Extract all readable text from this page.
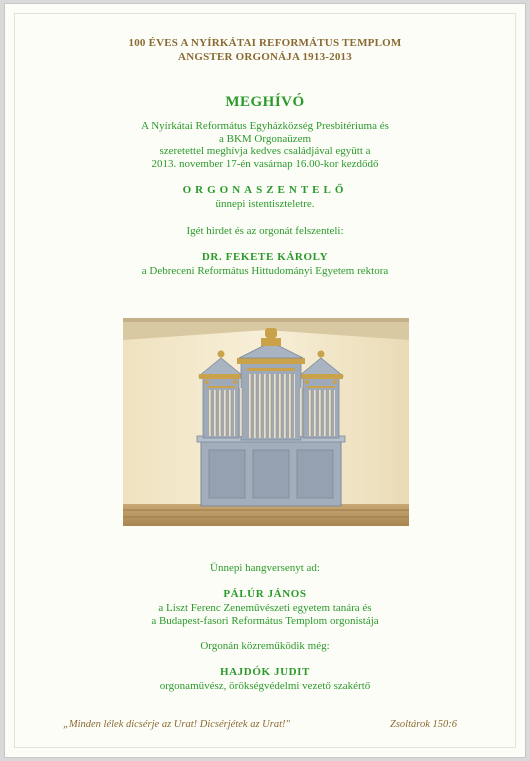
100 ÉVES A NYÍRKÁTAI REFORMÁTUS TEMPLOM
ANGSTER ORGONÁJA 1913-2013
MEGHÍVÓ
A Nyírkátai Református Egyházközség Presbitériuma és
a BKM Orgonaüzem
szeretettel meghívja kedves családjával együtt a
2013. november 17-én vasárnap 16.00-kor kezdődő
ORGONASZENTELŐ
ünnepi istentiszteletre.
Igét hirdet és az orgonát felszenteli:
DR. FEKETE KÁROLY
a Debreceni Református Hittudományi Egyetem rektora
Ünnepi hangversenyt ad:
PÁLÚR JÁNOS
a Liszt Ferenc Zeneművészeti egyetem tanára és
a Budapest-fasori Református Templom orgonistája
Orgonán közreműködik még:
HAJDÓK JUDIT
orgonaművész, örökségvédelmi vezető szakértő
„Minden lélek dicsérje az Urat! Dicsérjétek az Urat!"	Zsoltárok 150:6
